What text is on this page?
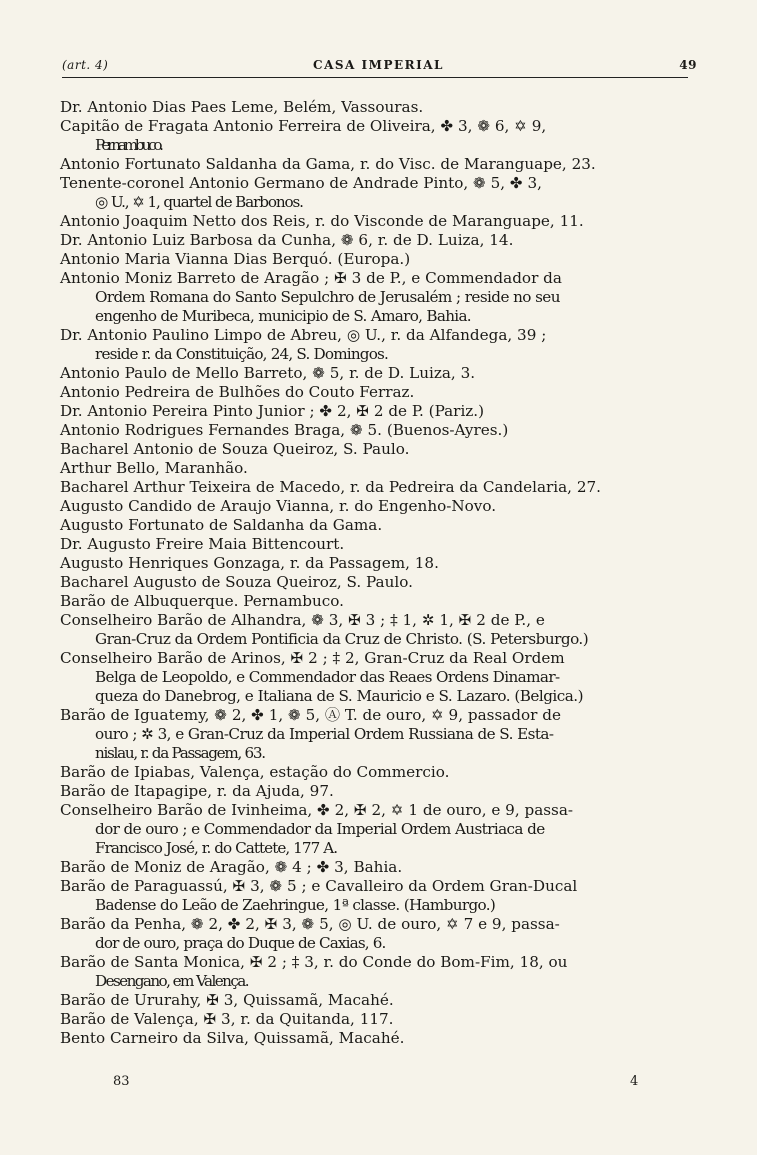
CASA IMPERIAL
(art. 4)	49
Dr. Antonio Dias Paes Leme, Belém, Vassouras.
Capitão de Fragata Antonio Ferreira de Oliveira, ✤ 3, ❁ 6, ✡ 9,
Pernambuco.
Antonio Fortunato Saldanha da Gama, r. do Visc. de Maranguape, 23.
Tenente-coronel Antonio Germano de Andrade Pinto, ❁ 5, ✤ 3,
◎ U., ✡ 1, quartel de Barbonos.
Antonio Joaquim Netto dos Reis, r. do Visconde de Maranguape, 11.
Dr. Antonio Luiz Barbosa da Cunha, ❁ 6, r. de D. Luiza, 14.
Antonio Maria Vianna Dias Berquó. (Europa.)
Antonio Moniz Barreto de Aragão ; ✠ 3 de P., e Commendador da
Ordem Romana do Santo Sepulchro de Jerusalém ; reside no seu
engenho de Muribeca, municipio de S. Amaro, Bahia.
Dr. Antonio Paulino Limpo de Abreu, ◎ U., r. da Alfandega, 39 ;
reside r. da Constituição, 24, S. Domingos.
Antonio Paulo de Mello Barreto, ❁ 5, r. de D. Luiza, 3.
Antonio Pedreira de Bulhões do Couto Ferraz.
Dr. Antonio Pereira Pinto Junior ; ✤ 2, ✠ 2 de P. (Pariz.)
Antonio Rodrigues Fernandes Braga, ❁ 5. (Buenos-Ayres.)
Bacharel Antonio de Souza Queiroz, S. Paulo.
Arthur Bello, Maranhão.
Bacharel Arthur Teixeira de Macedo, r. da Pedreira da Candelaria, 27.
Augusto Candido de Araujo Vianna, r. do Engenho-Novo.
Augusto Fortunato de Saldanha da Gama.
Dr. Augusto Freire Maia Bittencourt.
Augusto Henriques Gonzaga, r. da Passagem, 18.
Bacharel Augusto de Souza Queiroz, S. Paulo.
Barão de Albuquerque. Pernambuco.
Conselheiro Barão de Alhandra, ❁ 3, ✠ 3 ; ‡ 1, ✲ 1, ✠ 2 de P., e
Gran-Cruz da Ordem Pontificia da Cruz de Christo. (S. Petersburgo.)
Conselheiro Barão de Arinos, ✠ 2 ; ‡ 2, Gran-Cruz da Real Ordem
Belga de Leopoldo, e Commendador das Reaes Ordens Dinamar-
queza do Danebrog, e Italiana de S. Mauricio e S. Lazaro. (Belgica.)
Barão de Iguatemy, ❁ 2, ✤ 1, ❁ 5, Ⓐ T. de ouro, ✡ 9, passador de
ouro ; ✲ 3, e Gran-Cruz da Imperial Ordem Russiana de S. Esta-
nislau, r. da Passagem, 63.
Barão de Ipiabas, Valença, estação do Commercio.
Barão de Itapagipe, r. da Ajuda, 97.
Conselheiro Barão de Ivinheima, ✤ 2, ✠ 2, ✡ 1 de ouro, e 9, passa-
dor de ouro ; e Commendador da Imperial Ordem Austriaca de
Francisco José, r. do Cattete, 177 A.
Barão de Moniz de Aragão, ❁ 4 ; ✤ 3, Bahia.
Barão de Paraguassú, ✠ 3, ❁ 5 ; e Cavalleiro da Ordem Gran-Ducal
Badense do Leão de Zaehringue, 1ª classe. (Hamburgo.)
Barão da Penha, ❁ 2, ✤ 2, ✠ 3, ❁ 5, ◎ U. de ouro, ✡ 7 e 9, passa-
dor de ouro, praça do Duque de Caxias, 6.
Barão de Santa Monica, ✠ 2 ; ‡ 3, r. do Conde do Bom-Fim, 18, ou
Desengano, em Valença.
Barão de Ururahy, ✠ 3, Quissamã, Macahé.
Barão de Valença, ✠ 3, r. da Quitanda, 117.
Bento Carneiro da Silva, Quissamã, Macahé.
83	4
